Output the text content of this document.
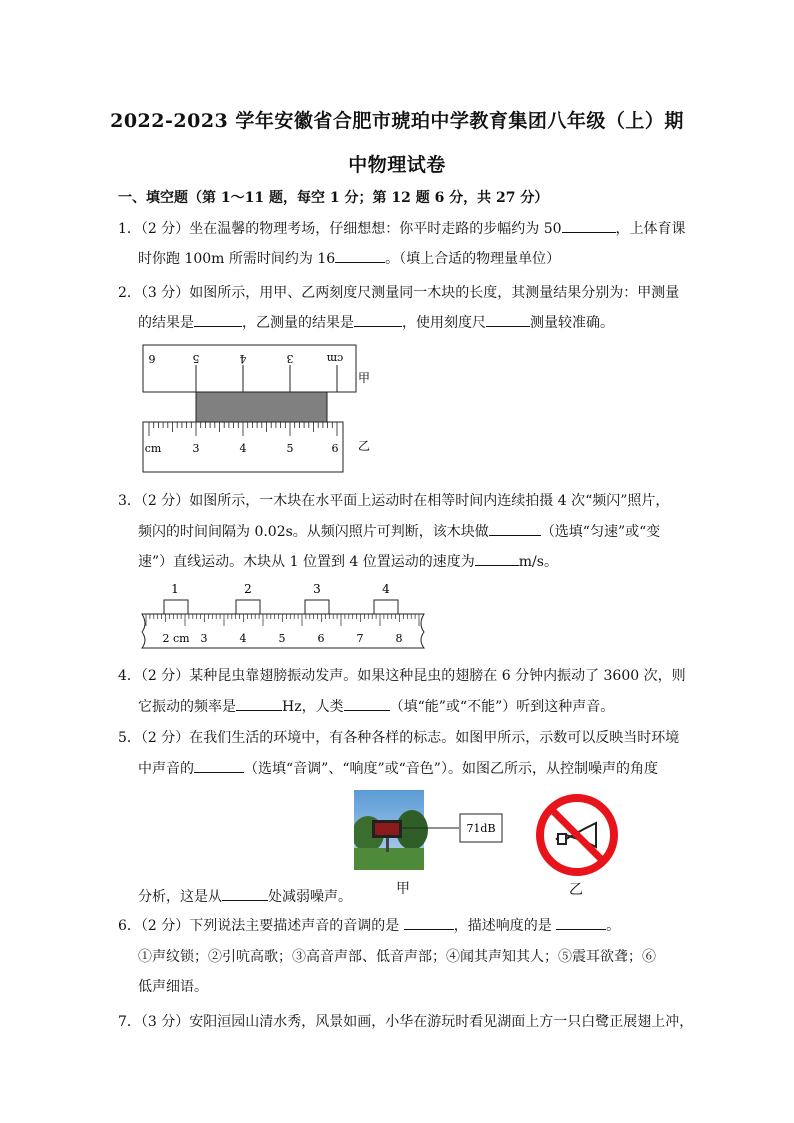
2022-2023 学年安徽省合肥市琥珀中学教育集团八年级（上）期
中物理试卷
一、填空题（第 1～11 题，每空 1 分；第 12 题 6 分，共 27 分）
1．（2 分）坐在温馨的物理考场，仔细想想：你平时走路的步幅约为 50	，上体育课
时你跑 100m 所需时间约为 16	。（填上合适的物理量单位）
2．（3 分）如图所示，用甲、乙两刻度尺测量同一木块的长度，其测量结果分别为：甲测量
的结果是	，乙测量的结果是	，使用刻度尺	测量较准确。
6	5	4	3	cm
甲
cm	3	4	5	6 乙
3．（2 分）如图所示，一木块在水平面上运动时在相等时间内连续拍摄 4 次“频闪”照片，
频闪的时间间隔为 0.02s。从频闪照片可判断，该木块做	（选填“匀速”或“变
速”）直线运动。木块从 1 位置到 4 位置运动的速度为	m/s。
1	2	3	4
2 cm 3	4	5	6	7	8
4．（2 分）某种昆虫靠翅膀振动发声。如果这种昆虫的翅膀在 6 分钟内振动了 3600 次，则
它振动的频率是	Hz，人类	（填“能”或“不能”）听到这种声音。
5．（2 分）在我们生活的环境中，有各种各样的标志。如图甲所示，示数可以反映当时环境
中声音的	（选填“音调”、“响度”或“音色”）。如图乙所示，从控制噪声的角度
71dB
分析，这是从	处减弱噪声。	甲	乙
6．（2 分）下列说法主要描述声音的音调的是	，描述响度的是	。
①声纹锁；②引吭高歌；③高音声部、低音声部；④闻其声知其人；⑤震耳欲聋；⑥
低声细语。
7．（3 分）安阳洹园山清水秀，风景如画，小华在游玩时看见湖面上方一只白鹭正展翅上冲，
